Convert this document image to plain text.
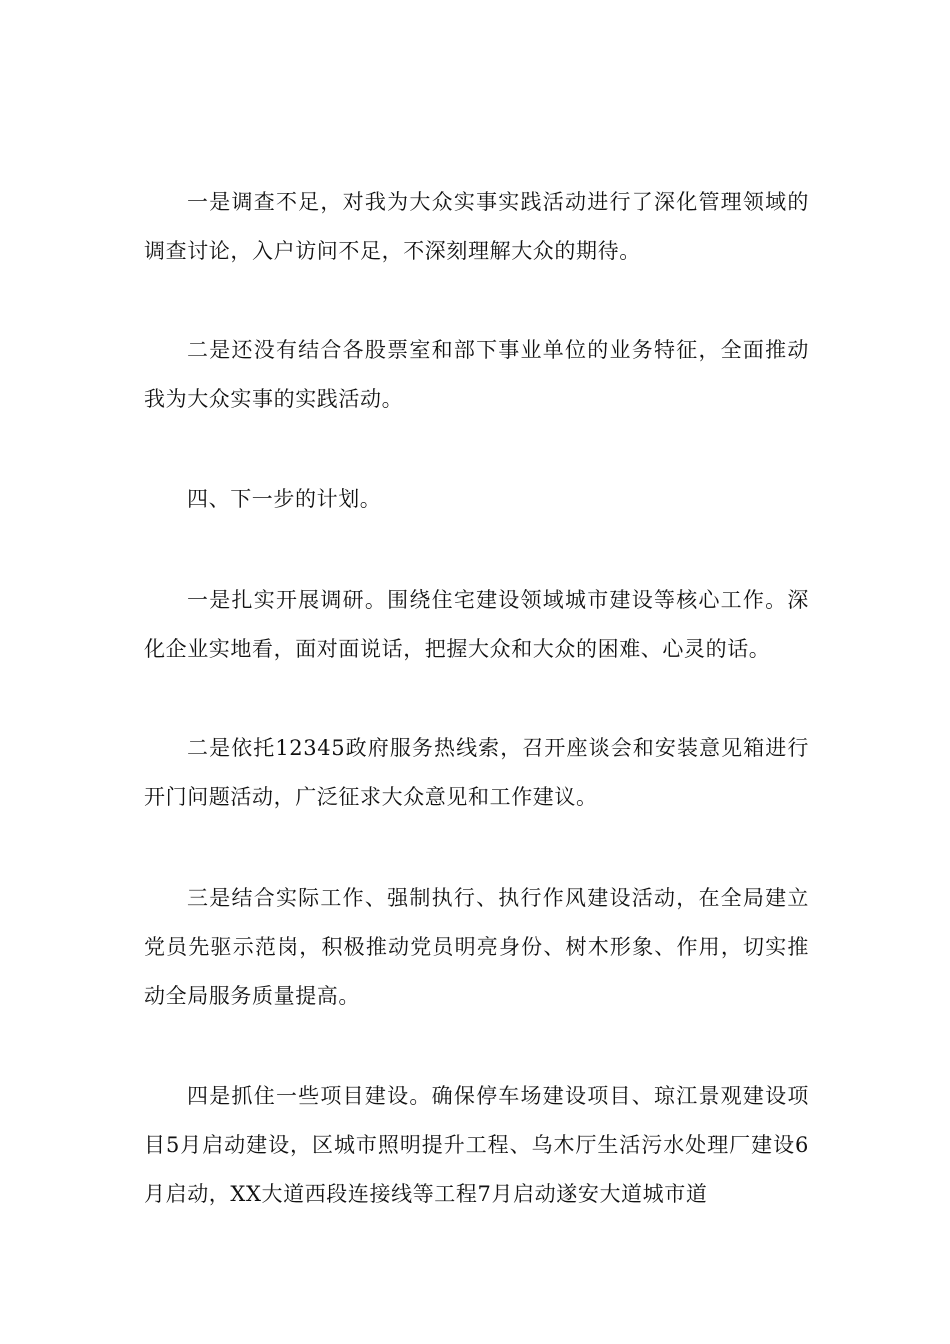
一是调查不足，对我为大众实事实践活动进行了深化管理领域的调查讨论，入户访问不足，不深刻理解大众的期待。

二是还没有结合各股票室和部下事业单位的业务特征，全面推动我为大众实事的实践活动。

四、下一步的计划。

一是扎实开展调研。围绕住宅建设领域城市建设等核心工作。深化企业实地看，面对面说话，把握大众和大众的困难、心灵的话。

二是依托12345政府服务热线索，召开座谈会和安装意见箱进行开门问题活动，广泛征求大众意见和工作建议。

三是结合实际工作、强制执行、执行作风建设活动，在全局建立党员先驱示范岗，积极推动党员明亮身份、树木形象、作用，切实推动全局服务质量提高。

四是抓住一些项目建设。确保停车场建设项目、琼江景观建设项目5月启动建设，区城市照明提升工程、乌木厅生活污水处理厂建设6月启动，XX大道西段连接线等工程7月启动遂安大道城市道
